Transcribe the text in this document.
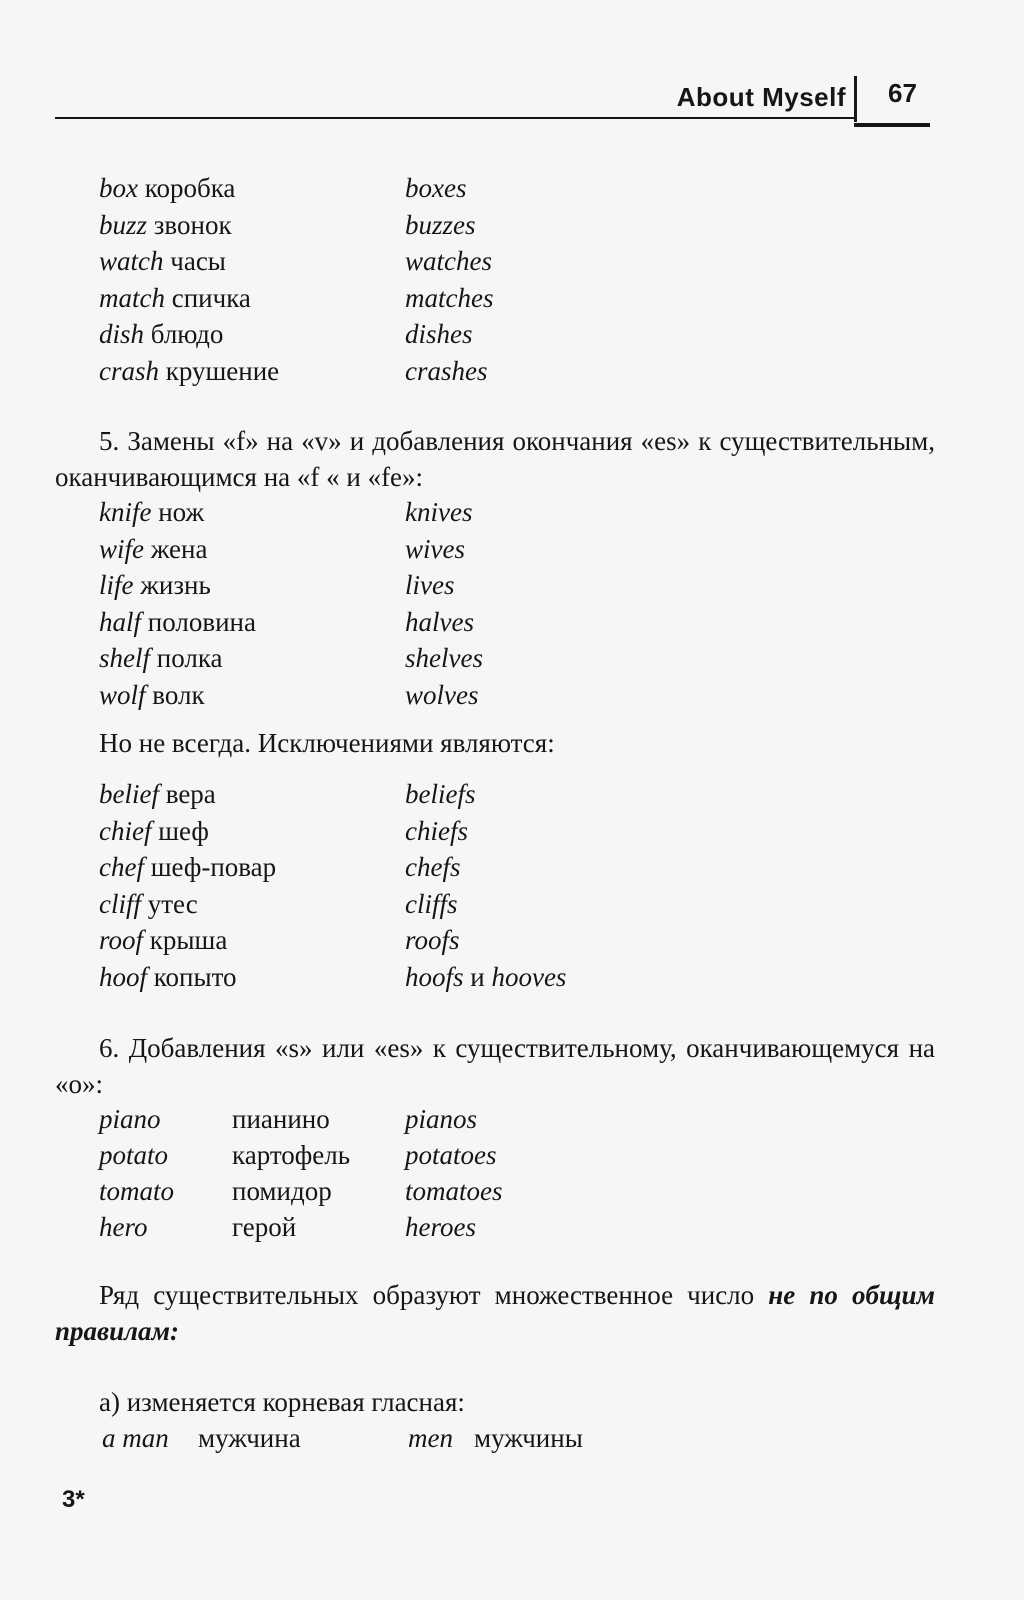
About Myself 67
box коробка	boxes
buzz звонок	buzzes
watch часы	watches
match спичка	matches
dish блюдо	dishes
crash крушение	crashes

5. Замены «f» на «v» и добавления окончания «es» к существительным, оканчивающимся на «f « и «fe»:

knife нож	knives
wife жена	wives
life жизнь	lives
half половина	halves
shelf полка	shelves
wolf волк	wolves
Но не всегда. Исключениями являются:
belief вера	beliefs
chief шеф	chiefs
chef шеф-повар	chefs
cliff утес	cliffs
roof крыша	roofs
hoof копыто	hoofs и hooves

6. Добавления «s» или «es» к существительному, оканчивающемуся на «o»:

piano	пианино	pianos
potato картофель potatoes
tomato помидор	tomatoes
hero	герой	heroes

Ряд существительных образуют множественное число не по общим правилам:

а) изменяется корневая гласная:
a man мужчина	men мужчины
3*
